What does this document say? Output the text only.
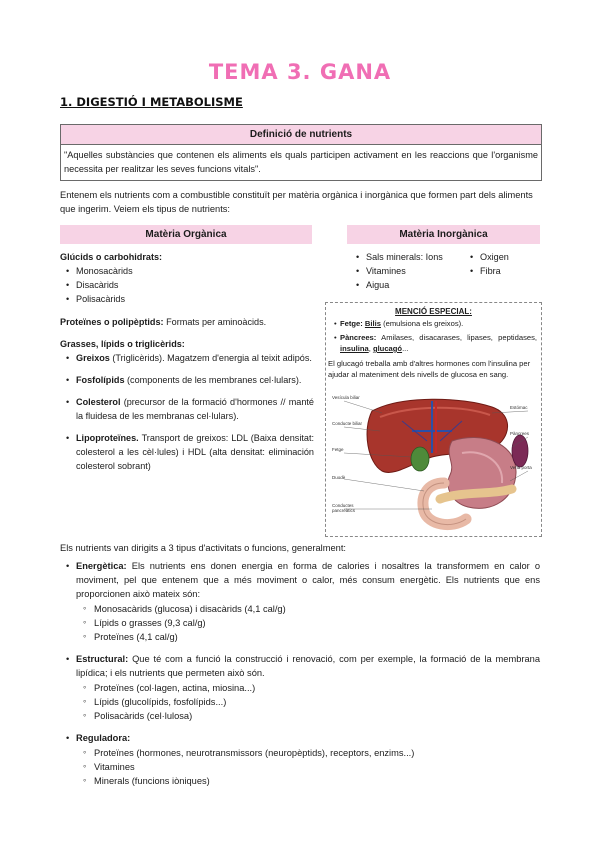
TEMA 3. GANA
1. DIGESTIÓ I METABOLISME
Definició de nutrients
"Aquelles substàncies que contenen els aliments els quals participen activament en les reaccions que l'organisme necessita per realitzar les seves funcions vitals".
Entenem els nutrients com a combustible constituït per matèria orgànica i inorgànica que formen part dels aliments que ingerim. Veiem els tipus de nutrients:
Matèria Orgànica
Glúcids o carbohidrats:
• Monosacàrids
• Disacàrids
• Polisacàrids
Proteïnes o polipèptids: Formats per aminoàcids.
Grasses, lípids o triglicèrids:
• Greixos (Triglicèrids). Magatzem d'energia al teixit adipós.
• Fosfolípids (components de les membranes cel·lulars).
• Colesterol (precursor de la formació d'hormones // manté la fluidesa de les membranas cel·lulars).
• Lipoproteïnes. Transport de greixos: LDL (Baixa densitat: colesterol a les cèl·lules) i HDL (alta densitat: eliminación colesterol sobrant)
Matèria Inorgànica
• Sals minerals: Ions
• Vitamines
• Aigua
• Oxigen
• Fibra
MENCIÓ ESPECIAL:
• Fetge: Bilis (emulsiona els greixos).
• Pàncrees: Amilases, disacarases, lipases, peptidases, insulina, glucagó...
El glucagó treballa amb d'altres hormones com l'insulina per ajudar al mateniment dels nivells de glucosa en sang.
Vesícula biliar
Conducte biliar
Fetge
Estómac
Duodè
Pàncrees
Vena porta
Conductes pancreàtics
Els nutrients van dirigits a 3 tipus d'activitats o funcions, generalment:
• Energètica: Els nutrients ens donen energia en forma de calories i nosaltres la transformem en calor o moviment, pel que entenem que a més moviment o calor, més consum energètic. Els nutrients que ens proporcionen això mateix són:
◦ Monosacàrids (glucosa) i disacàrids (4,1 cal/g)
◦ Lípids o grasses (9,3 cal/g)
◦ Proteïnes (4,1 cal/g)
• Estructural: Que té com a funció la construcció i renovació, com per exemple, la formació de la membrana lipídica; i els nutrients que permeten això són.
◦ Proteïnes (col·lagen, actina, miosina...)
◦ Lípids (glucolípids, fosfolípids...)
◦ Polisacàrids (cel·lulosa)
• Reguladora:
◦ Proteïnes (hormones, neurotransmissors (neuropèptids), receptors, enzims...)
◦ Vitamines
◦ Minerals (funcions iòniques)
